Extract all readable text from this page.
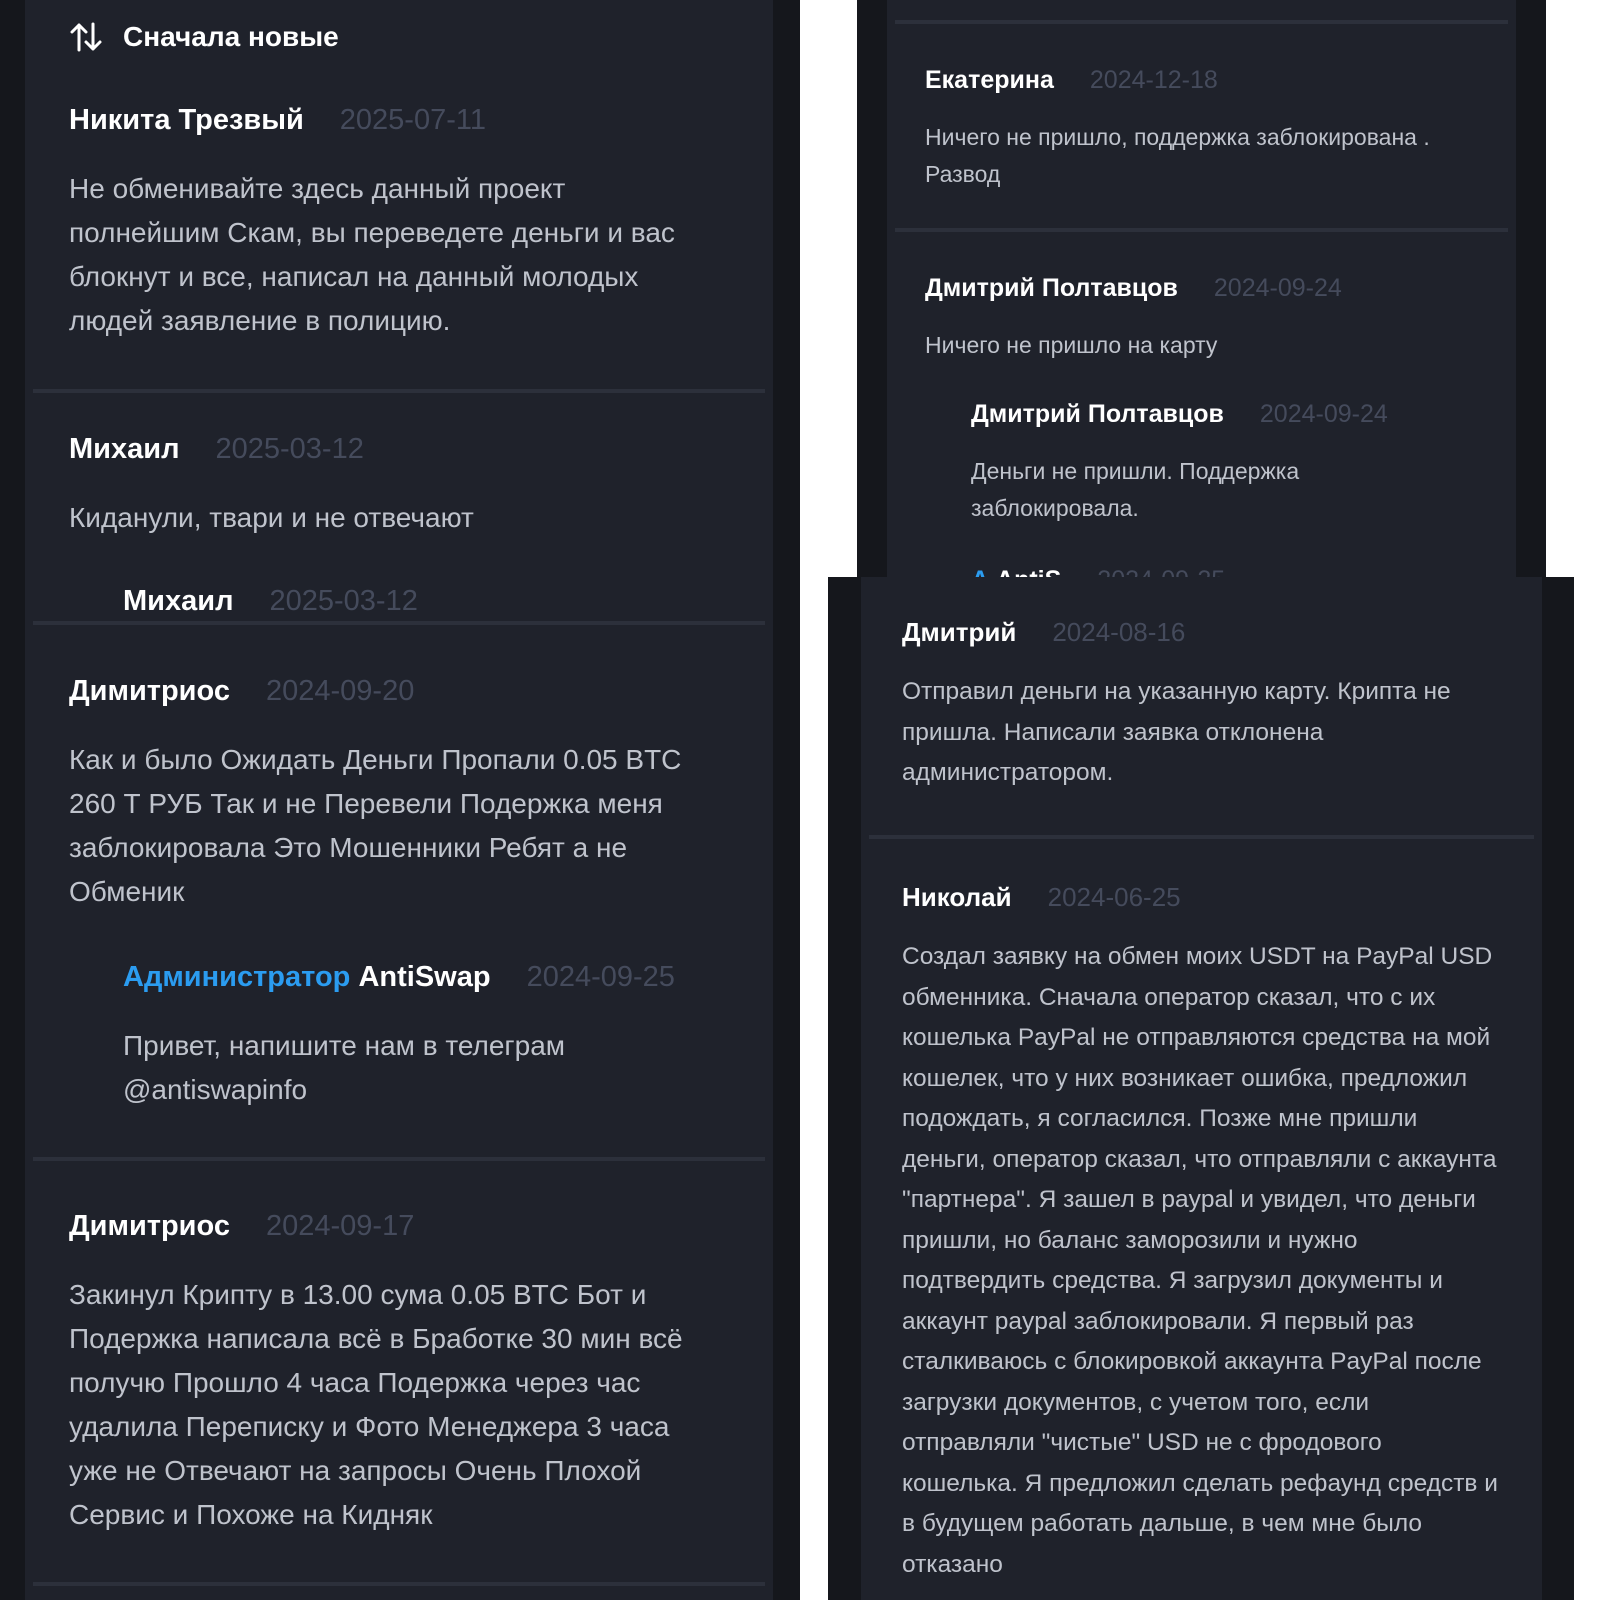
Сначала новые
Никита Трезвый 2025-07-11
Не обменивайте здесь данный проект полнейшим Скам, вы переведете деньги и вас блокнут и все, написал на данный молодых людей заявление в полицию.
Михаил 2025-03-12
Киданули, твари и не отвечают
Михаил 2025-03-12
Димитриос 2024-09-20
Как и было Ожидать Деньги Пропали 0.05 BTC 260 Т РУБ Так и не Перевели Подержка меня заблокировала Это Мошенники Ребят а не Обменик
Администратор AntiSwap 2024-09-25
Привет, напишите нам в телеграм @antiswapinfo
Димитриос 2024-09-17
Закинул Крипту в 13.00 сума 0.05 BTC Бот и Подержка написала всё в Бработке 30 мин всё получю Прошло 4 часа Подержка через час удалила Переписку и Фото Менеджера 3 часа уже не Отвечают на запросы Очень Плохой Сервис и Похоже на Кидняк
Екатерина 2024-12-18
Ничего не пришло, поддержка заблокирована . Развод
Дмитрий Полтавцов 2024-09-24
Ничего не пришло на карту
Дмитрий Полтавцов 2024-09-24
Деньги не пришли. Поддержка заблокировала.
Дмитрий 2024-08-16
Отправил деньги на указанную карту. Крипта не пришла. Написали заявка отклонена администратором.
Николай 2024-06-25
Создал заявку на обмен моих USDT на PayPal USD обменника. Сначала оператор сказал, что с их кошелька PayPal не отправляются средства на мой кошелек, что у них возникает ошибка, предложил подождать, я согласился. Позже мне пришли деньги, оператор сказал, что отправляли с аккаунта "партнера". Я зашел в paypal и увидел, что деньги пришли, но баланс заморозили и нужно подтвердить средства. Я загрузил документы и аккаунт paypal заблокировали. Я первый раз сталкиваюсь с блокировкой аккаунта PayPal после загрузки документов, с учетом того, если отправляли "чистые" USD не с фродового кошелька. Я предложил сделать рефаунд средств и в будущем работать дальше, в чем мне было отказано
